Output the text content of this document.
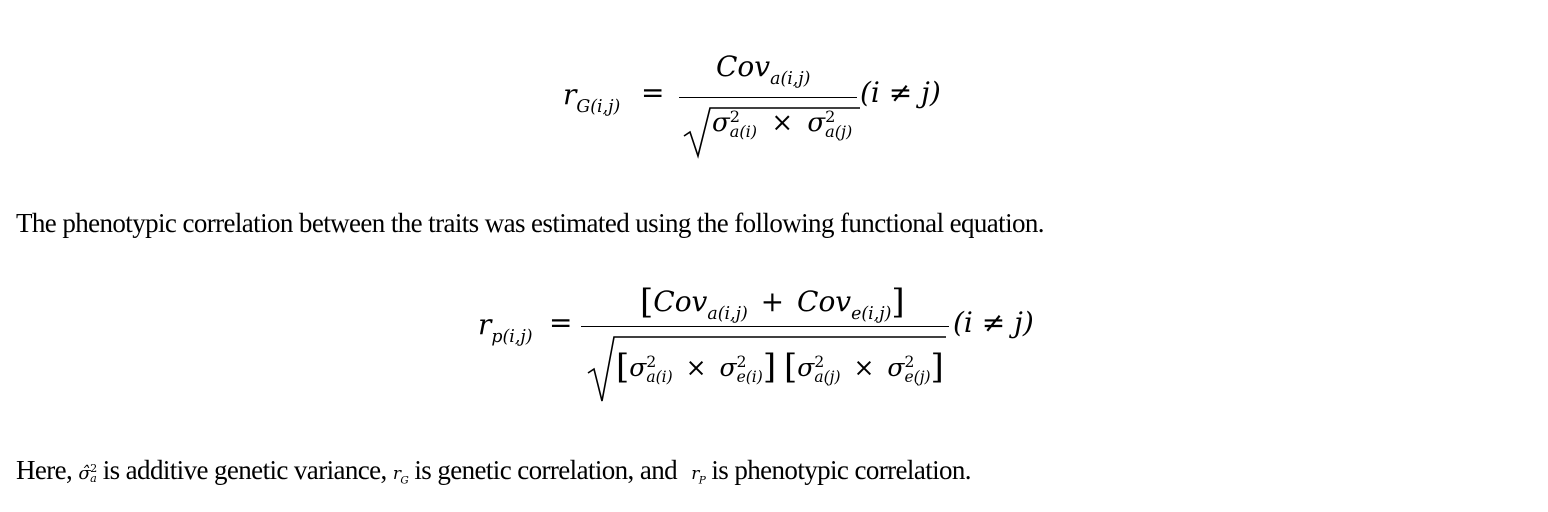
$r_{G(i,j)}$ =
Cov$_{a(i,j)}$
σ 2
a(i) × σ 2
a(j)
(i ≠ j)
The phenotypic correlation between the traits was estimated using the following functional equation.
$r_{p(i,j)}$ =
[Cov$_{a(i,j)}$ + Cov$_{e(i,j)}$]
[σ 2
a(i) × σ 2
e(i) ] [σ 2
a(j) × σ 2
e(j) ]
(i ≠ j)
Here, σ̂ 2
a is additive genetic variance, $r_G$ is genetic correlation, and $r_P$ is phenotypic correlation.
